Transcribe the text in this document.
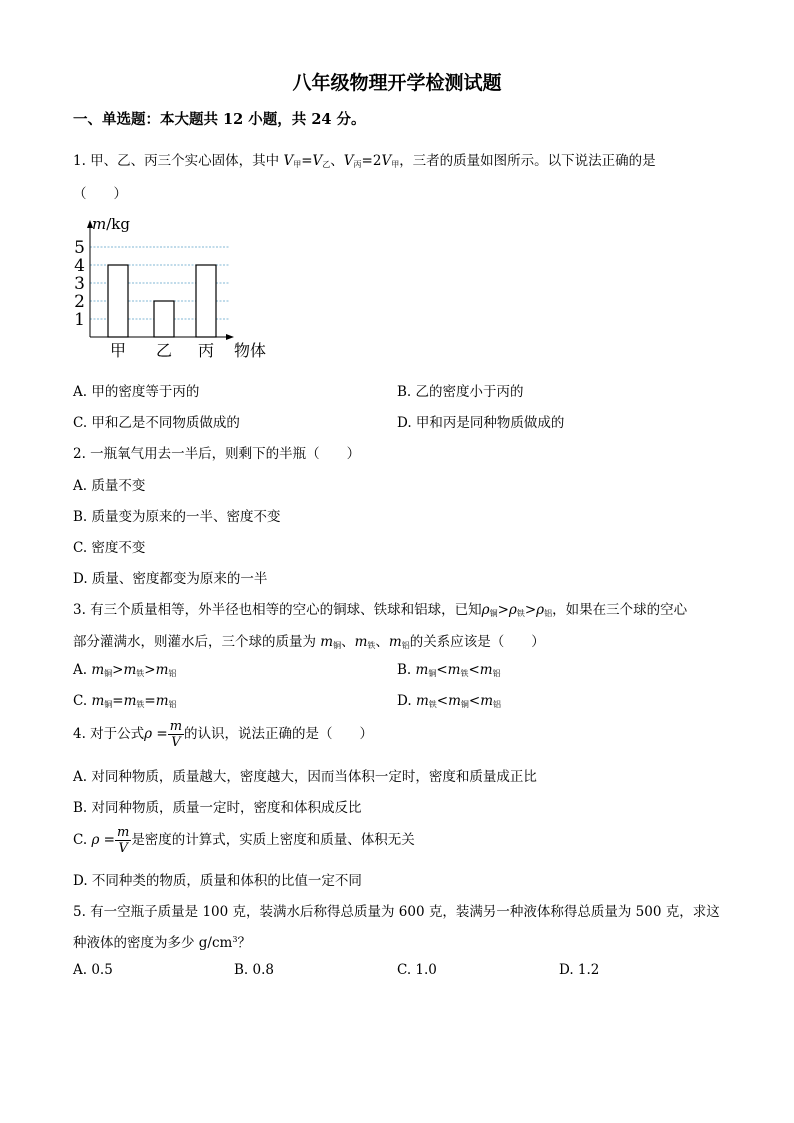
八年级物理开学检测试题
一、单选题：本大题共 12 小题，共 24 分。
1. 甲、乙、丙三个实心固体，其中 $V_甲=V_乙$、$V_丙=2V_甲$，三者的质量如图所示。以下说法正确的是
（　　）
1
2
3
4
5
m/kg
甲 乙 丙 物体
A. 甲的密度等于丙的	B. 乙的密度小于丙的
C. 甲和乙是不同物质做成的	D. 甲和丙是同种物质做成的
2. 一瓶氧气用去一半后，则剩下的半瓶（　　）
A. 质量不变
B. 质量变为原来的一半、密度不变
C. 密度不变
D. 质量、密度都变为原来的一半
3. 有三个质量相等，外半径也相等的空心的铜球、铁球和铝球，已知$\rho_铜>\rho_铁>\rho_铝$，如果在三个球的空心
部分灌满水，则灌水后，三个球的质量为 $m_铜$、$m_铁$、$m_铝$的关系应该是（　　）
A. $m_铜>m_铁>m_铝$	B. $m_铜<m_铁<m_铝$
C. $m_铜=m_铁=m_铝$	D. $m_铁<m_铜<m_铝$
4. 对于公式$\rho = \frac{m}{V}$ 的认识，说法正确的是（　　）
A. 对同种物质，质量越大，密度越大，因而当体积一定时，密度和质量成正比
B. 对同种物质，质量一定时，密度和体积成反比
C. $\rho = \frac{m}{V}$ 是密度的计算式，实质上密度和质量、体积无关
D. 不同种类的物质，质量和体积的比值一定不同
5. 有一空瓶子质量是 100 克，装满水后称得总质量为 600 克，装满另一种液体称得总质量为 500 克，求这
种液体的密度为多少 $g/cm^3$？
A. 0.5	B. 0.8	C. 1.0	D. 1.2
